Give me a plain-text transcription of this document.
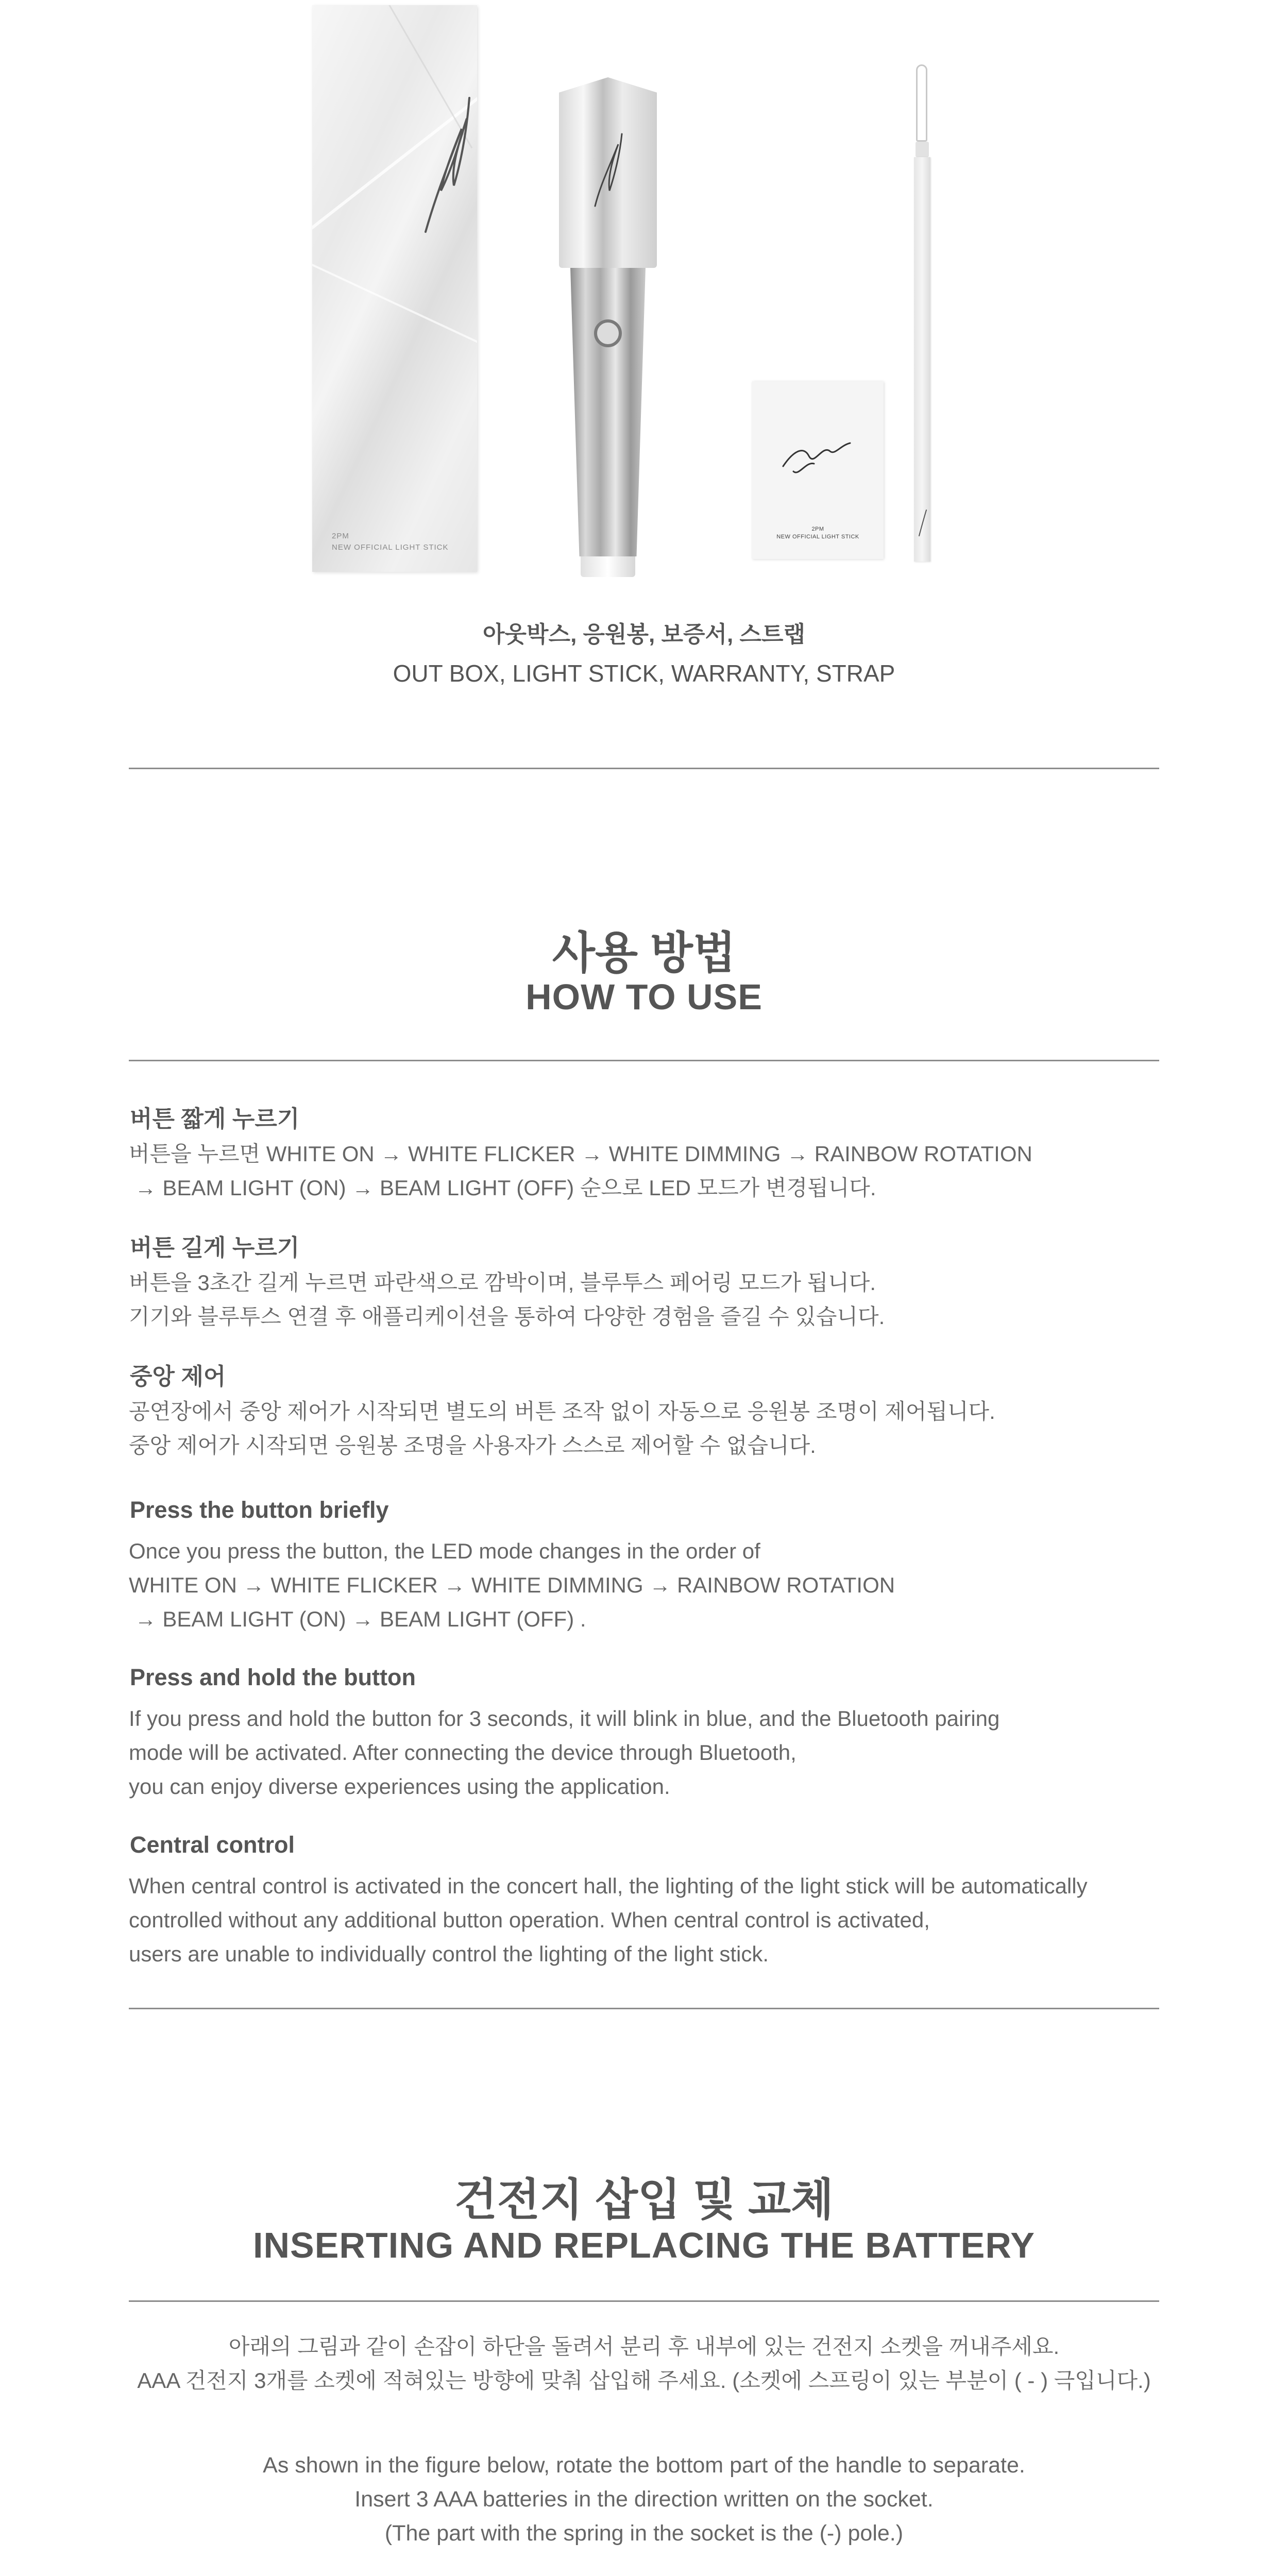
2PM
NEW OFFICIAL LIGHT STICK
2PM
NEW OFFICIAL LIGHT STICK
아웃박스, 응원봉, 보증서, 스트랩
OUT BOX, LIGHT STICK, WARRANTY, STRAP
사용 방법
HOW TO USE
버튼 짧게 누르기
버튼을 누르면 WHITE ON → WHITE FLICKER → WHITE DIMMING → RAINBOW ROTATION
→ BEAM LIGHT (ON) → BEAM LIGHT (OFF) 순으로 LED 모드가 변경됩니다.
버튼 길게 누르기
버튼을 3초간 길게 누르면 파란색으로 깜박이며, 블루투스 페어링 모드가 됩니다.
기기와 블루투스 연결 후 애플리케이션을 통하여 다양한 경험을 즐길 수 있습니다.
중앙 제어
공연장에서 중앙 제어가 시작되면 별도의 버튼 조작 없이 자동으로 응원봉 조명이 제어됩니다.
중앙 제어가 시작되면 응원봉 조명을 사용자가 스스로 제어할 수 없습니다.
Press the button briefly
Once you press the button, the LED mode changes in the order of
WHITE ON → WHITE FLICKER → WHITE DIMMING → RAINBOW ROTATION
→ BEAM LIGHT (ON) → BEAM LIGHT (OFF) .
Press and hold the button
If you press and hold the button for 3 seconds, it will blink in blue, and the Bluetooth pairing
mode will be activated. After connecting the device through Bluetooth,
you can enjoy diverse experiences using the application.
Central control
When central control is activated in the concert hall, the lighting of the light stick will be automatically
controlled without any additional button operation. When central control is activated,
users are unable to individually control the lighting of the light stick.
건전지 삽입 및 교체
INSERTING AND REPLACING THE BATTERY
아래의 그림과 같이 손잡이 하단을 돌려서 분리 후 내부에 있는 건전지 소켓을 꺼내주세요.
AAA 건전지 3개를 소켓에 적혀있는 방향에 맞춰 삽입해 주세요. (소켓에 스프링이 있는 부분이 ( - ) 극입니다.)
As shown in the figure below, rotate the bottom part of the handle to separate.
Insert 3 AAA batteries in the direction written on the socket.
(The part with the spring in the socket is the (-) pole.)
